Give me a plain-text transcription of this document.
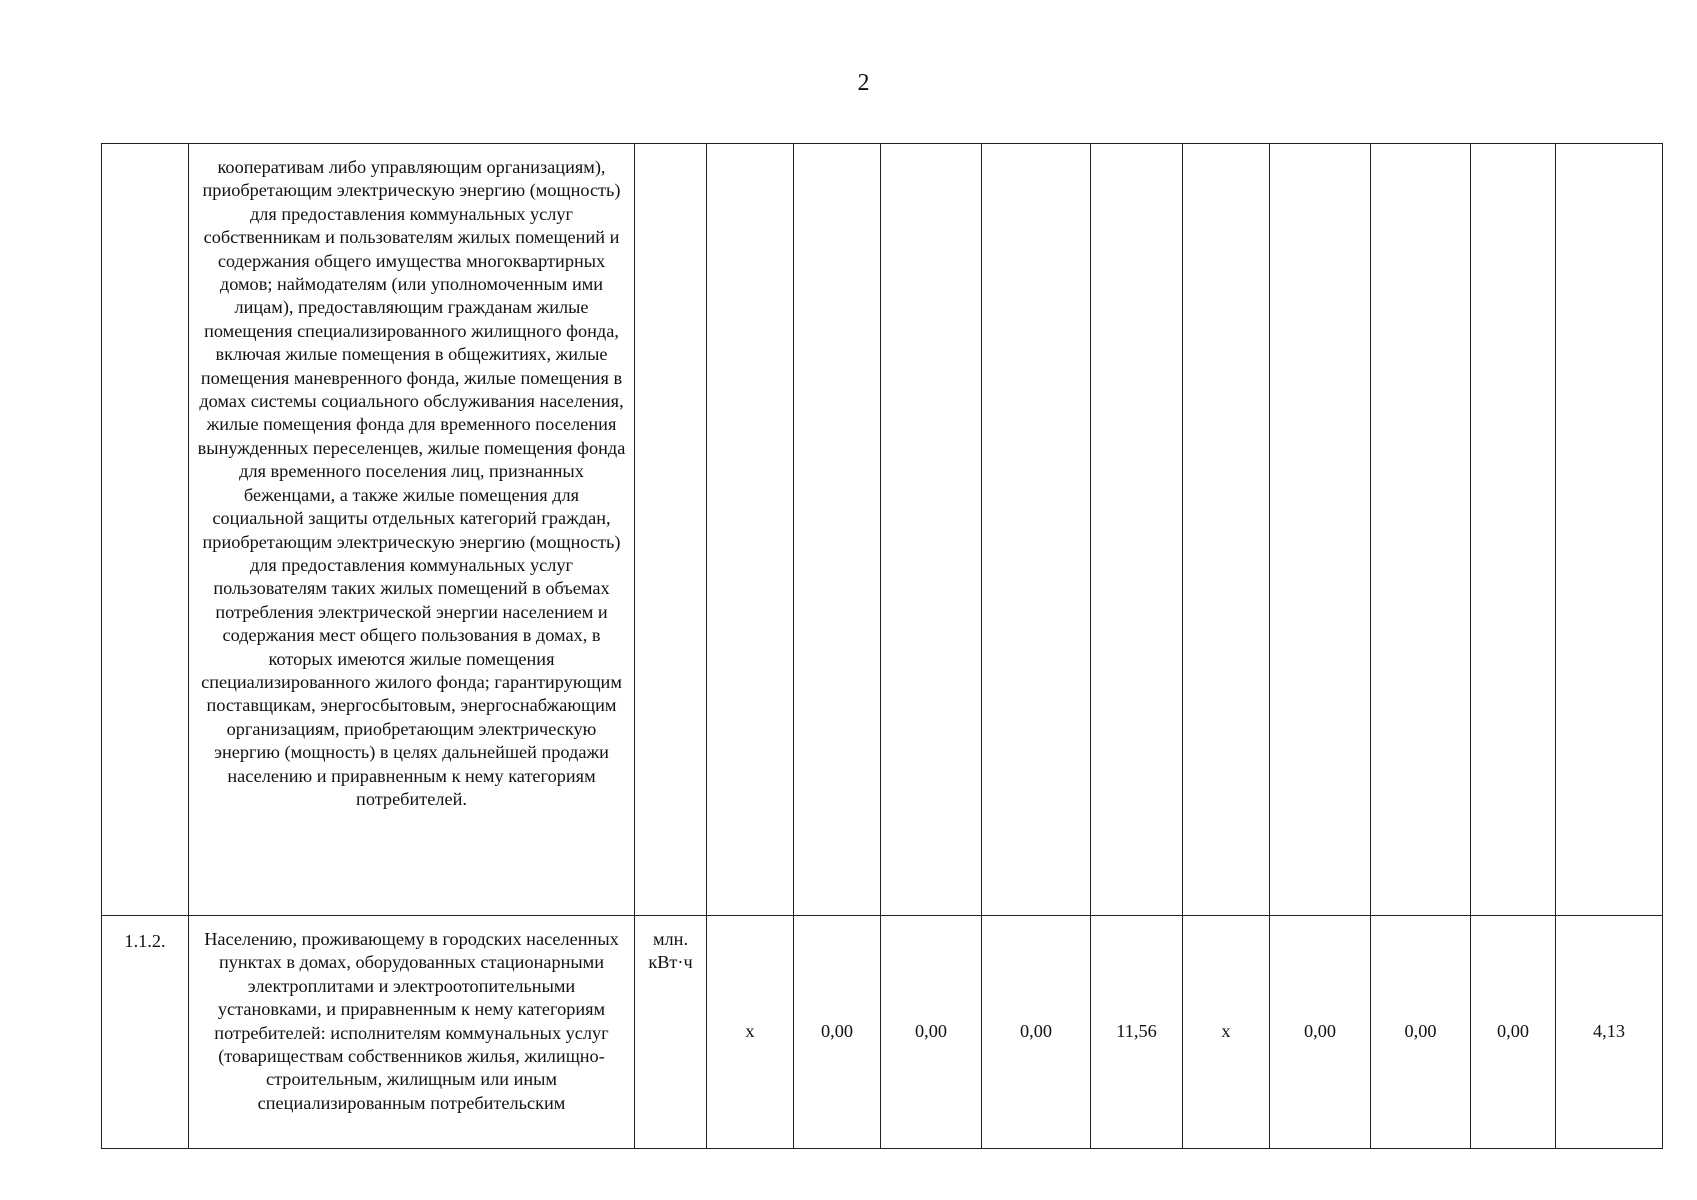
2
	кооперативам либо управляющим организациям), приобретающим электрическую энергию (мощность) для предоставления коммунальных услуг собственникам и пользователям жилых помещений и содержания общего имущества многоквартирных домов; наймодателям (или уполномоченным ими лицам), предоставляющим гражданам жилые помещения специализированного жилищного фонда, включая жилые помещения в общежитиях, жилые помещения маневренного фонда, жилые помещения в домах системы социального обслуживания населения, жилые помещения фонда для временного поселения вынужденных переселенцев, жилые помещения фонда для временного поселения лиц, признанных беженцами, а также жилые помещения для социальной защиты отдельных категорий граждан, приобретающим электрическую энергию (мощность) для предоставления коммунальных услуг пользователям таких жилых помещений в объемах потребления электрической энергии населением и содержания мест общего пользования в домах, в которых имеются жилые помещения специализированного жилого фонда; гарантирующим поставщикам, энергосбытовым, энергоснабжающим организациям, приобретающим электрическую энергию (мощность) в целях дальнейшей продажи населению и приравненным к нему категориям потребителей.											
1.1.2.	Населению, проживающему в городских населенных пунктах в домах, оборудованных стационарными электроплитами и электроотопительными установками, и приравненным к нему категориям потребителей: исполнителям коммунальных услуг (товариществам собственников жилья, жилищно-строительным, жилищным или иным специализированным потребительским	млн. кВт·ч	x	0,00	0,00	0,00	11,56	x	0,00	0,00	0,00	4,13
